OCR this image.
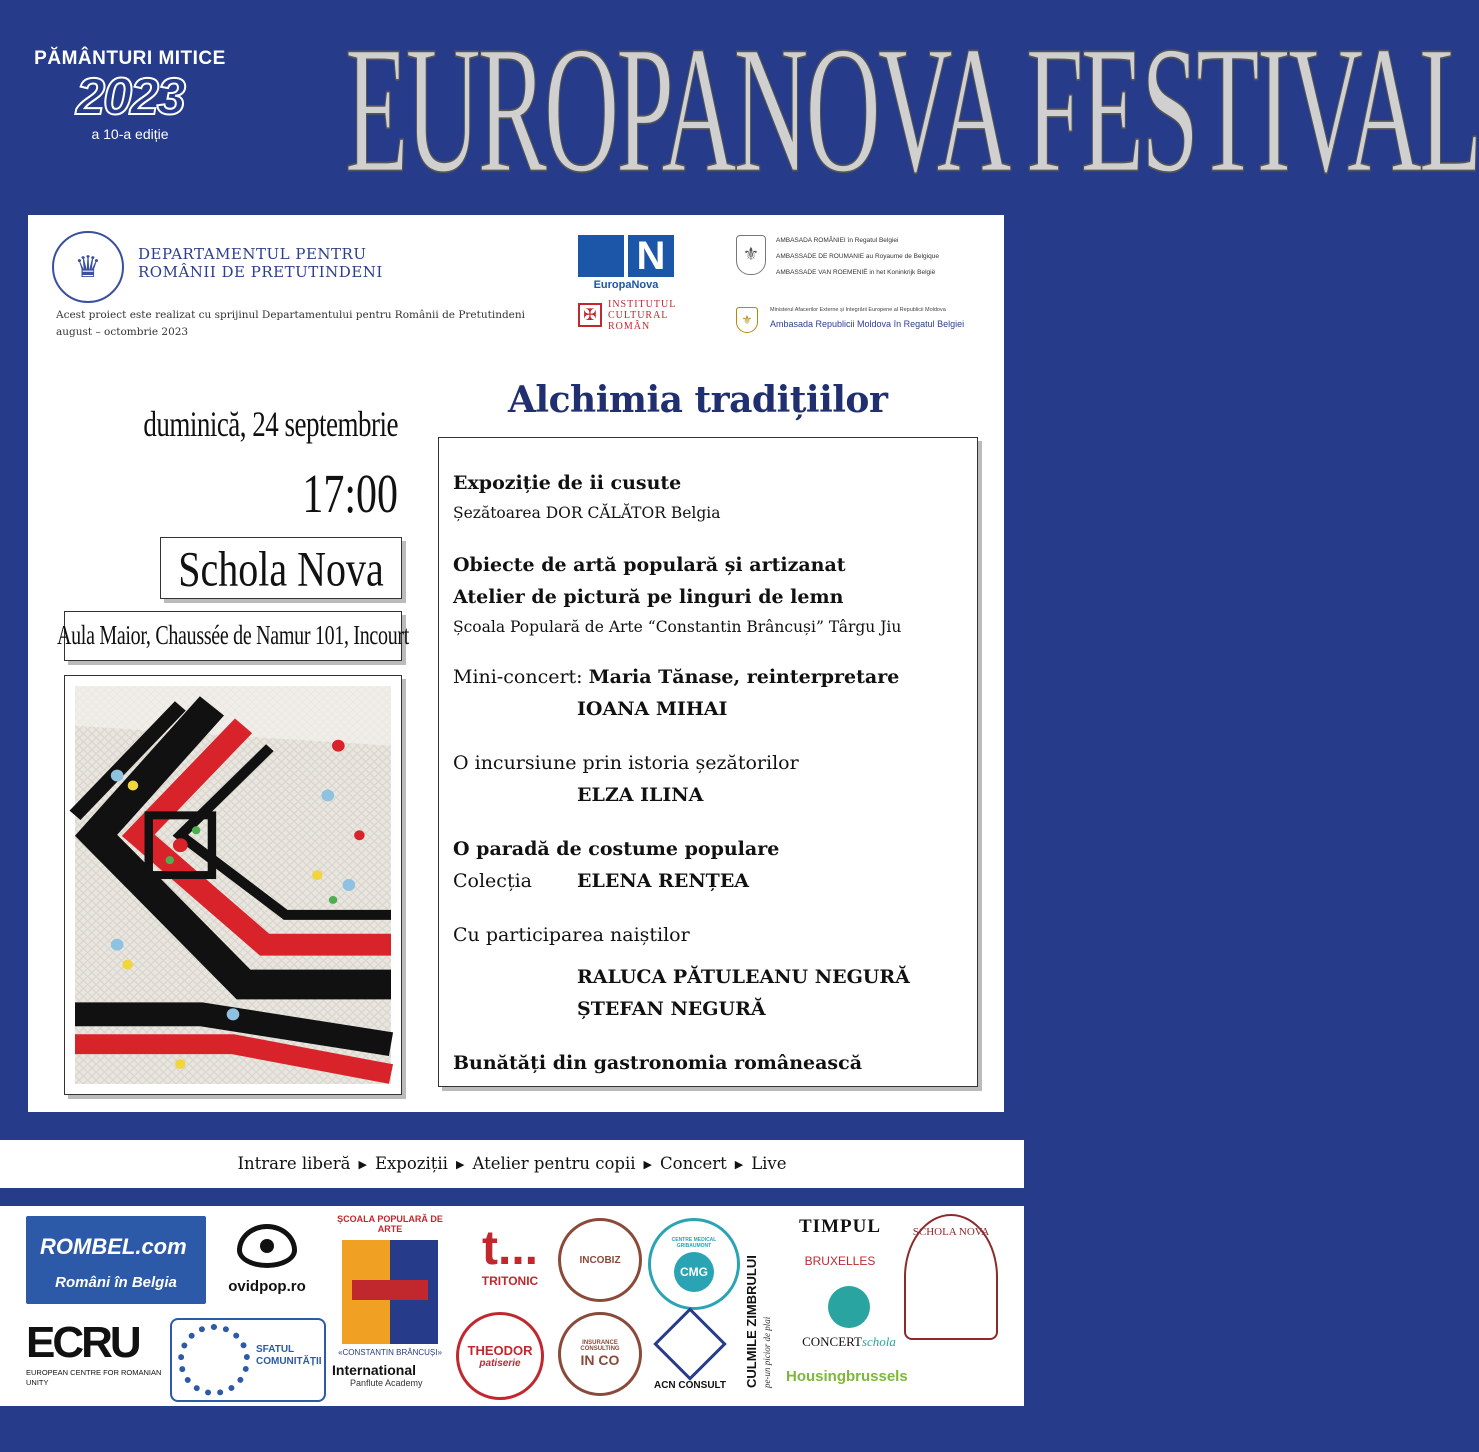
PĂMÂNTURI MITICE
2023
a 10-a ediție	EUROPANOVA FESTIVAL
♛	DEPARTAMENTUL PENTRU
ROMÂNII DE PRETUTINDENI
Acest proiect este realizat cu sprijinul Departamentului pentru Românii de Pretutindeni
august – octombrie 2023
N
EuropaNova
✠
INSTITUTUL
CULTURAL
ROMÂN
⚜
AMBASADA ROMÂNIEI în Regatul Belgiei
AMBASSADE DE ROUMANIE au Royaume de Belgique
AMBASSADE VAN ROEMENIË in het Koninkrijk België
⚜
Ministerul Afacerilor Externe și Integrării Europene al Republicii Moldova
Ambasada Republicii Moldova în Regatul Belgiei
duminică, 24 septembrie
17:00
Schola Nova
Aula Maior, Chaussée de Namur 101, Incourt
Alchimia tradițiilor
Expoziție de ii cusute
Șezătoarea DOR CĂLĂTOR Belgia
Obiecte de artă populară și artizanat
Atelier de pictură pe linguri de lemn
Școala Populară de Arte “Constantin Brâncuși” Târgu Jiu
Mini-concert: Maria Tănase, reinterpretare
IOANA MIHAI
O incursiune prin istoria șezătorilor
ELZA ILINA
O paradă de costume populare
Colecția ELENA RENȚEA
Cu participarea naiștilor
RALUCA PĂTULEANU NEGURĂ
ȘTEFAN NEGURĂ
Bunătăți din gastronomia românească
Intrare liberă ▶ Expoziții ▶ Atelier pentru copii ▶ Concert ▶ Live
ROMBEL.com
Români în Belgia	ovidpop.ro
ȘCOALA POPULARĂ DE ARTE
«CONSTANTIN BRÂNCUȘI»
International
Panflute Academy
ECRU
EUROPEAN CENTRE FOR ROMANIAN UNITY
SFATUL COMUNITĂȚII
t...
TRITONIC
INCOBIZ
CENTRE MEDICAL GRIBAUMONT
CMG
THEODOR
patiserie
INSURANCE CONSULTING
IN CO
ACN CONSULT	CULMILE ZIMBRULUI pe-un picior de plai
TIMPUL
BRUXELLES
CONCERTschola
SCHOLA NOVA
Housingbrussels
